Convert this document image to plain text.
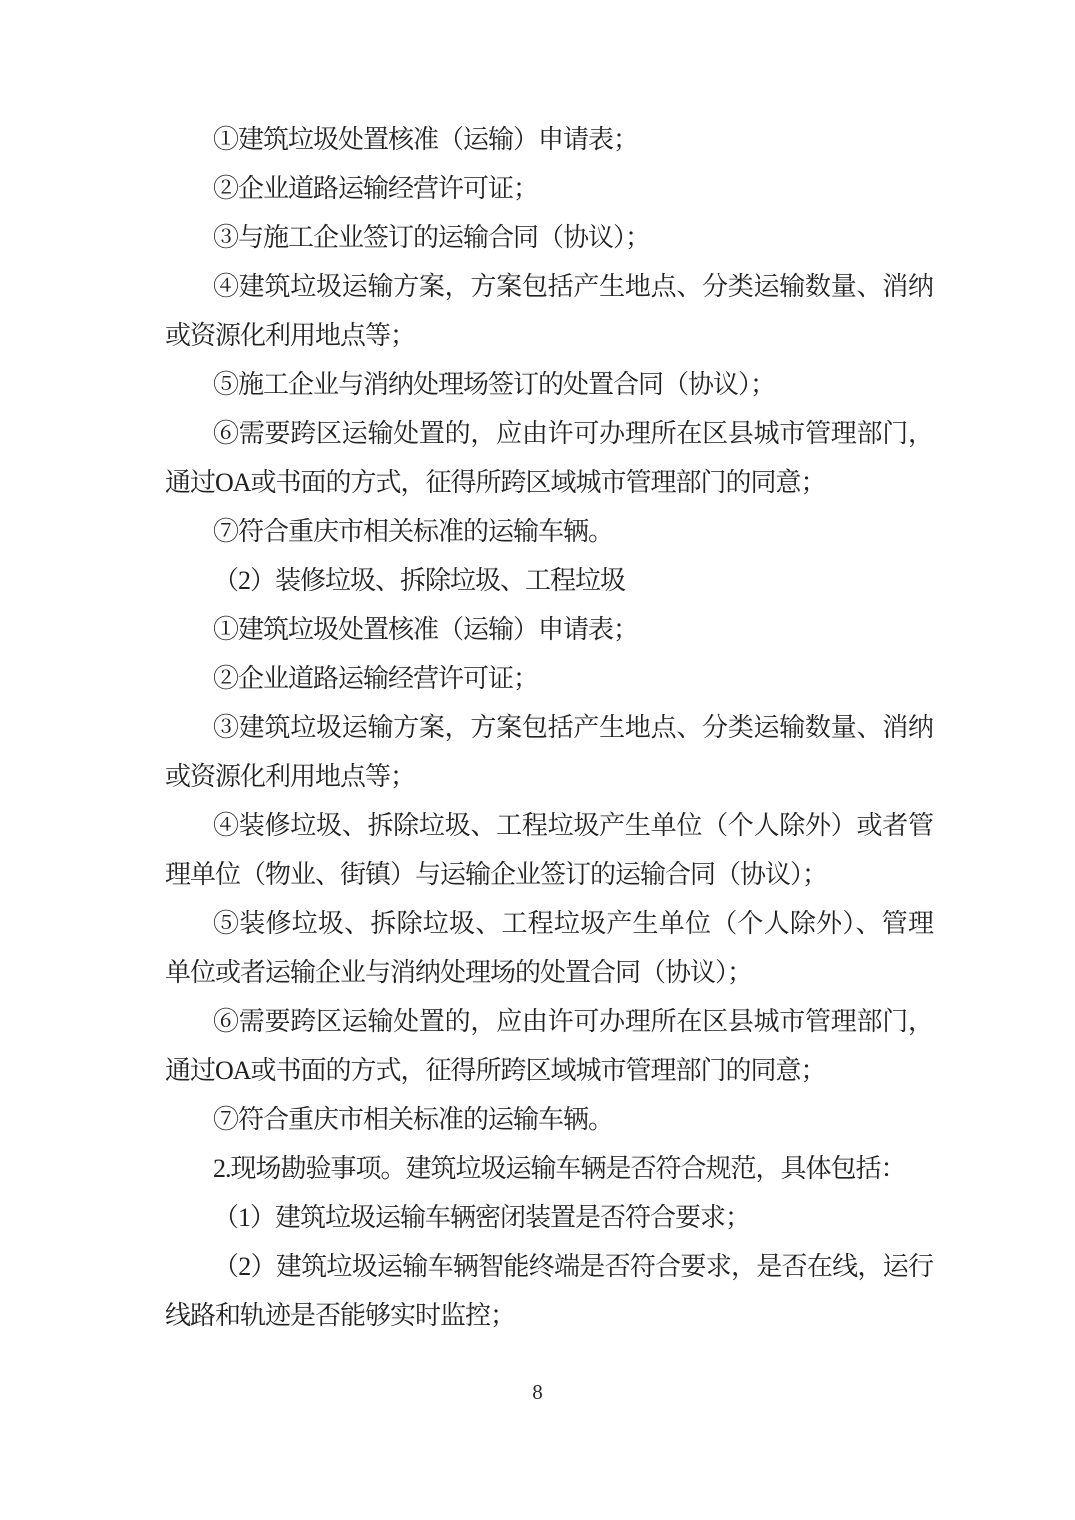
①建筑垃圾处置核准（运输）申请表；
②企业道路运输经营许可证；
③与施工企业签订的运输合同（协议）；
④建筑垃圾运输方案，方案包括产生地点、分类运输数量、消纳
或资源化利用地点等；
⑤施工企业与消纳处理场签订的处置合同（协议）；
⑥需要跨区运输处置的，应由许可办理所在区县城市管理部门，
通过OA或书面的方式，征得所跨区域城市管理部门的同意；
⑦符合重庆市相关标准的运输车辆。
（2）装修垃圾、拆除垃圾、工程垃圾
①建筑垃圾处置核准（运输）申请表；
②企业道路运输经营许可证；
③建筑垃圾运输方案，方案包括产生地点、分类运输数量、消纳
或资源化利用地点等；
④装修垃圾、拆除垃圾、工程垃圾产生单位（个人除外）或者管
理单位（物业、街镇）与运输企业签订的运输合同（协议）；
⑤装修垃圾、拆除垃圾、工程垃圾产生单位（个人除外）、管理
单位或者运输企业与消纳处理场的处置合同（协议）；
⑥需要跨区运输处置的，应由许可办理所在区县城市管理部门，
通过OA或书面的方式，征得所跨区域城市管理部门的同意；
⑦符合重庆市相关标准的运输车辆。
2.现场勘验事项。建筑垃圾运输车辆是否符合规范，具体包括：
（1）建筑垃圾运输车辆密闭装置是否符合要求；
（2）建筑垃圾运输车辆智能终端是否符合要求，是否在线，运行
线路和轨迹是否能够实时监控；
8
